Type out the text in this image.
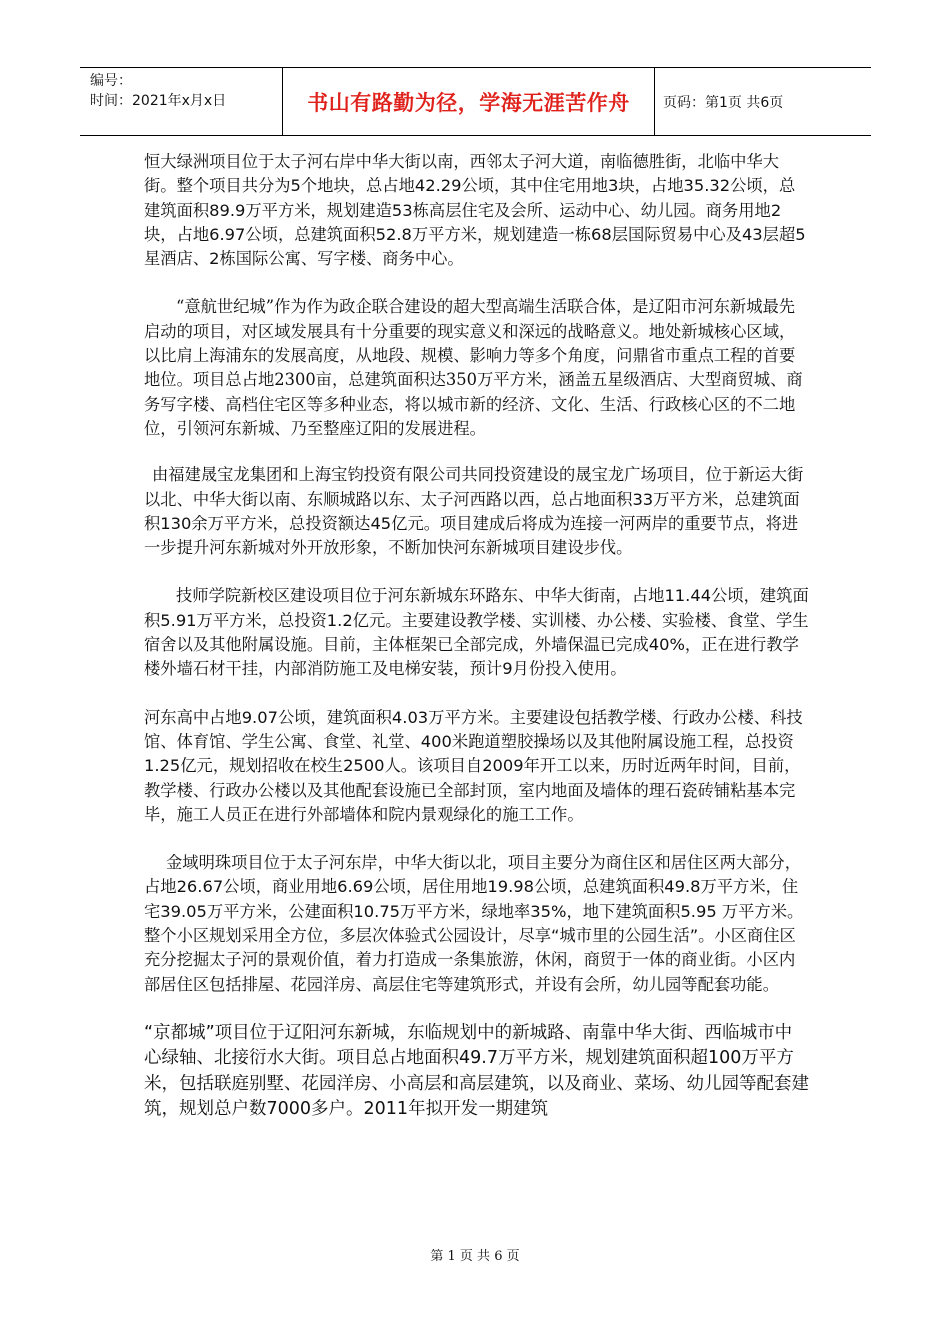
编号：
时间：2021年x月x日	书山有路勤为径，学海无涯苦作舟	页码：第1页 共6页

恒大绿洲项目位于太子河右岸中华大街以南，西邻太子河大道，南临德胜街，北临中华大街。整个项目共分为5个地块，总占地42.29公顷，其中住宅用地3块，占地35.32公顷，总建筑面积89.9万平方米，规划建造53栋高层住宅及会所、运动中心、幼儿园。商务用地2块，占地6.97公顷，总建筑面积52.8万平方米，规划建造一栋68层国际贸易中心及43层超5星酒店、2栋国际公寓、写字楼、商务中心。

“意航世纪城”作为作为政企联合建设的超大型高端生活联合体，是辽阳市河东新城最先启动的项目，对区域发展具有十分重要的现实意义和深远的战略意义。地处新城核心区域，以比肩上海浦东的发展高度，从地段、规模、影响力等多个角度，问鼎省市重点工程的首要地位。项目总占地2300亩，总建筑面积达350万平方米，涵盖五星级酒店、大型商贸城、商务写字楼、高档住宅区等多种业态，将以城市新的经济、文化、生活、行政核心区的不二地位，引领河东新城、乃至整座辽阳的发展进程。

由福建晟宝龙集团和上海宝钧投资有限公司共同投资建设的晟宝龙广场项目，位于新运大街以北、中华大街以南、东顺城路以东、太子河西路以西，总占地面积33万平方米，总建筑面积130余万平方米，总投资额达45亿元。项目建成后将成为连接一河两岸的重要节点，将进一步提升河东新城对外开放形象，不断加快河东新城项目建设步伐。

技师学院新校区建设项目位于河东新城东环路东、中华大街南，占地11.44公顷，建筑面积5.91万平方米，总投资1.2亿元。主要建设教学楼、实训楼、办公楼、实验楼、食堂、学生宿舍以及其他附属设施。目前，主体框架已全部完成，外墙保温已完成40%，正在进行教学楼外墙石材干挂，内部消防施工及电梯安装，预计9月份投入使用。

河东高中占地9.07公顷，建筑面积4.03万平方米。主要建设包括教学楼、行政办公楼、科技馆、体育馆、学生公寓、食堂、礼堂、400米跑道塑胶操场以及其他附属设施工程，总投资1.25亿元，规划招收在校生2500人。该项目自2009年开工以来，历时近两年时间，目前，教学楼、行政办公楼以及其他配套设施已全部封顶，室内地面及墙体的理石瓷砖铺粘基本完毕，施工人员正在进行外部墙体和院内景观绿化的施工工作。

金域明珠项目位于太子河东岸，中华大街以北，项目主要分为商住区和居住区两大部分，占地26.67公顷，商业用地6.69公顷，居住用地19.98公顷，总建筑面积49.8万平方米，住宅39.05万平方米，公建面积10.75万平方米，绿地率35%，地下建筑面积5.95 万平方米。整个小区规划采用全方位，多层次体验式公园设计，尽享“城市里的公园生活”。小区商住区充分挖掘太子河的景观价值，着力打造成一条集旅游，休闲，商贸于一体的商业街。小区内部居住区包括排屋、花园洋房、高层住宅等建筑形式，并设有会所，幼儿园等配套功能。

“京都城”项目位于辽阳河东新城，东临规划中的新城路、南靠中华大街、西临城市中心绿轴、北接衍水大街。项目总占地面积49.7万平方米，规划建筑面积超100万平方米，包括联庭别墅、花园洋房、小高层和高层建筑，以及商业、菜场、幼儿园等配套建筑，规划总户数7000多户。2011年拟开发一期建筑

第 1 页 共 6 页
